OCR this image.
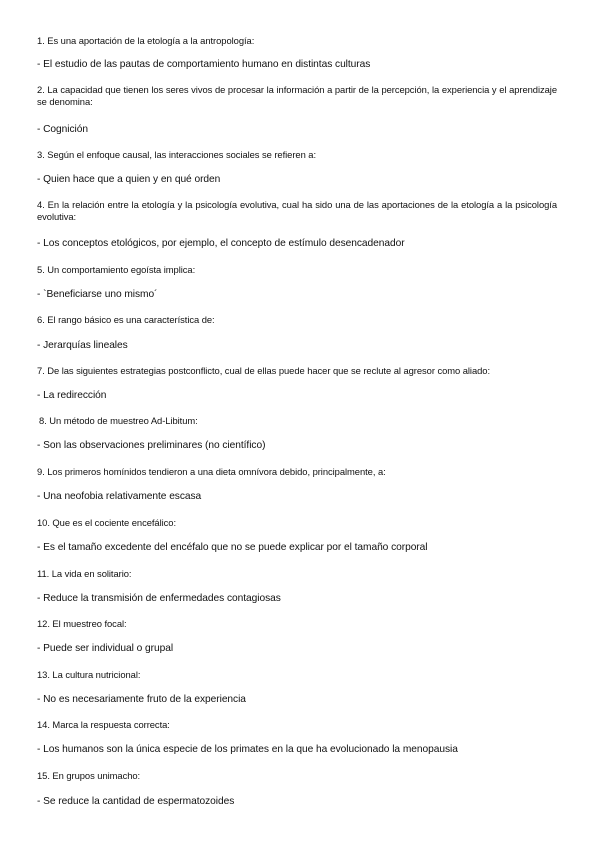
1. Es una aportación de la etología a la antropología:
- El estudio de las pautas de comportamiento humano en distintas culturas
2. La capacidad que tienen los seres vivos de procesar la información a partir de la percepción, la experiencia y el aprendizaje se denomina:
- Cognición
3. Según el enfoque causal, las interacciones sociales se refieren a:
- Quien hace que a quien y en qué orden
4. En la relación entre la etología y la psicología evolutiva, cual ha sido una de las aportaciones de la etología a la psicología evolutiva:
- Los conceptos etológicos, por ejemplo, el concepto de estímulo desencadenador
5. Un comportamiento egoísta implica:
- `Beneficiarse uno mismo´
6. El rango básico es una característica de:
- Jerarquías lineales
7. De las siguientes estrategias postconflicto, cual de ellas puede hacer que se reclute al agresor como aliado:
- La redirección
8. Un método de muestreo Ad-Libitum:
- Son las observaciones preliminares (no científico)
9. Los primeros homínidos tendieron a una dieta omnívora debido, principalmente, a:
- Una neofobia relativamente escasa
10. Que es el cociente encefálico:
- Es el tamaño excedente del encéfalo que no se puede explicar por el tamaño corporal
11. La vida en solitario:
- Reduce la transmisión de enfermedades contagiosas
12. El muestreo focal:
- Puede ser individual o grupal
13. La cultura nutricional:
- No es necesariamente fruto de la experiencia
14. Marca la respuesta correcta:
- Los humanos son la única especie de los primates en la que ha evolucionado la menopausia
15. En grupos unimacho:
- Se reduce la cantidad de espermatozoides
